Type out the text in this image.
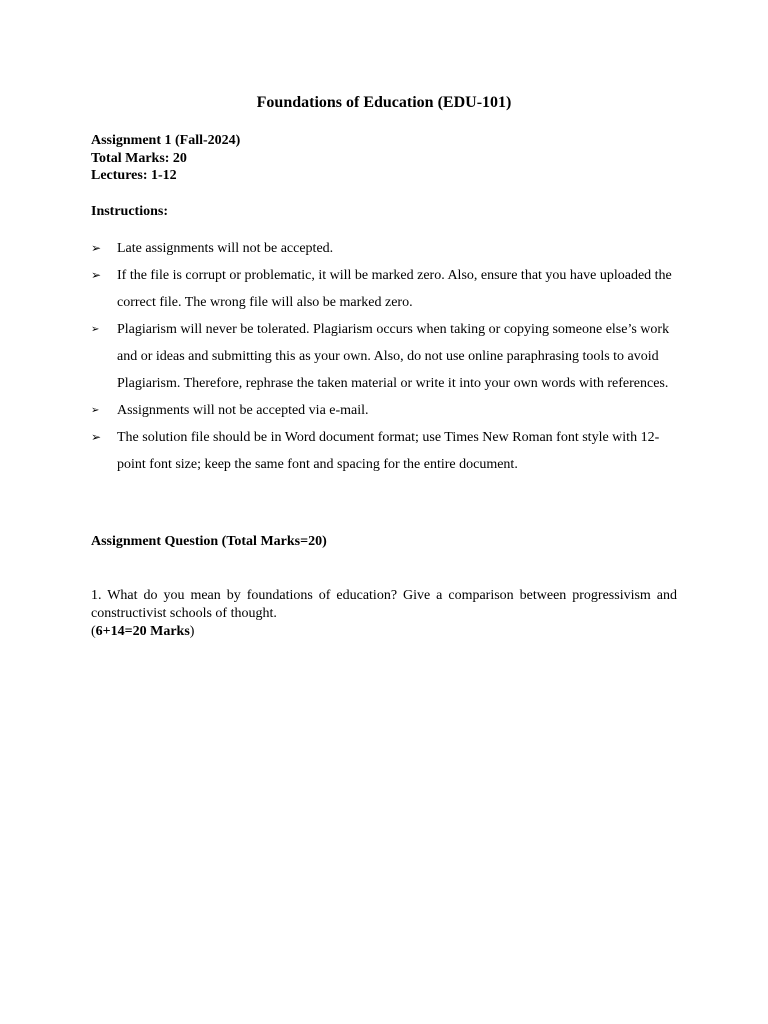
Foundations of Education (EDU-101)
Assignment 1 (Fall-2024)
Total Marks: 20
Lectures: 1-12
Instructions:
➢ Late assignments will not be accepted.
➢ If the file is corrupt or problematic, it will be marked zero. Also, ensure that you have uploaded the correct file. The wrong file will also be marked zero.
➢ Plagiarism will never be tolerated. Plagiarism occurs when taking or copying someone else’s work and or ideas and submitting this as your own. Also, do not use online paraphrasing tools to avoid Plagiarism. Therefore, rephrase the taken material or write it into your own words with references.
➢ Assignments will not be accepted via e-mail.
➢ The solution file should be in Word document format; use Times New Roman font style with 12-point font size; keep the same font and spacing for the entire document.
Assignment Question (Total Marks=20)
1. What do you mean by foundations of education? Give a comparison between progressivism and constructivist schools of thought.
(6+14=20 Marks)
